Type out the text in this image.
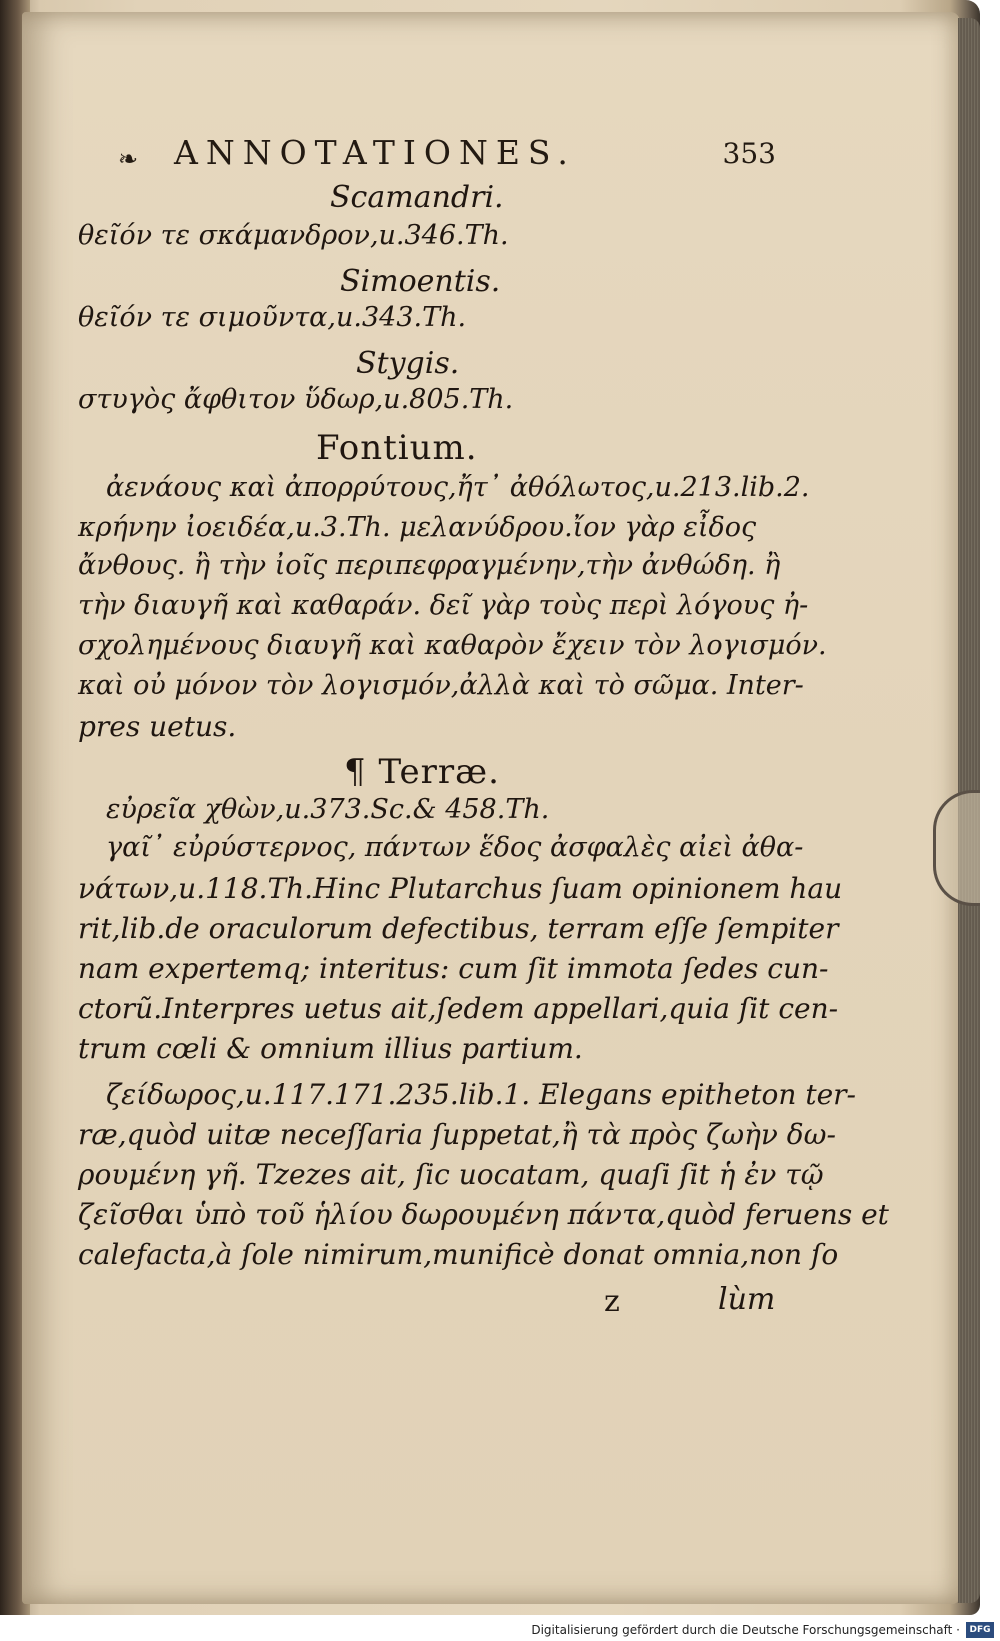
❧ ANNOTATIONES.	353
Scamandri.
θεῖόν τε σκάμανδρον,u.346.Th.
Simoentis.
θεῖόν τε σιμοῦντα,u.343.Th.
Stygis.
στυγὸς ἄφθιτον ὕδωρ,u.805.Th.
Fontium.
ἀενάους καὶ ἀπορρύτους,ἤτ᾽ ἀθόλωτος,u.213.lib.2.
κρήνην ἰοειδέα,u.3.Th. μελανύδρου.ἴον γὰρ εἶδος
ἄνθους. ἢ τὴν ἰοῖς περιπεφραγμένην,τὴν ἀνθώδη. ἢ
τὴν διαυγῆ καὶ καθαράν. δεῖ γὰρ τοὺς περὶ λόγους ἠ-
σχολημένους διαυγῆ καὶ καθαρὸν ἔχειν τὸν λογισμόν.
καὶ οὐ μόνον τὸν λογισμόν,ἀλλὰ καὶ τὸ σῶμα. Inter-
pres uetus.
¶ Terræ.
εὐρεῖα χθὼν,u.373.Sc.& 458.Th.
γαῖ᾽ εὐρύστερνος, πάντων ἕδος ἀσφαλὲς αἰεὶ ἀθα-
νάτων,u.118.Th.Hinc Plutarchus ſuam opinionem hau
rit,lib.de oraculorum defectibus, terram eſſe ſempiter
nam expertemq; interitus: cum ſit immota ſedes cun-
ctorũ.Interpres uetus ait,ſedem appellari,quia ſit cen-
trum cœli & omnium illius partium.
ζείδωρος,u.117.171.235.lib.1. Elegans epitheton ter-
ræ,quòd uitæ neceſſaria ſuppetat,ἢ τὰ πρὸς ζωὴν δω-
ρουμένη γῆ. Tzezes ait, ſic uocatam, quaſi ſit ἡ ἐν τῷ
ζεῖσθαι ὑπὸ τοῦ ἡλίου δωρουμένη πάντα,quòd feruens et
calefacta,à ſole nimirum,munificè donat omnia,non ſo
z	lùm
Digitalisierung gefördert durch die Deutsche Forschungsgemeinschaft ·	DFG
